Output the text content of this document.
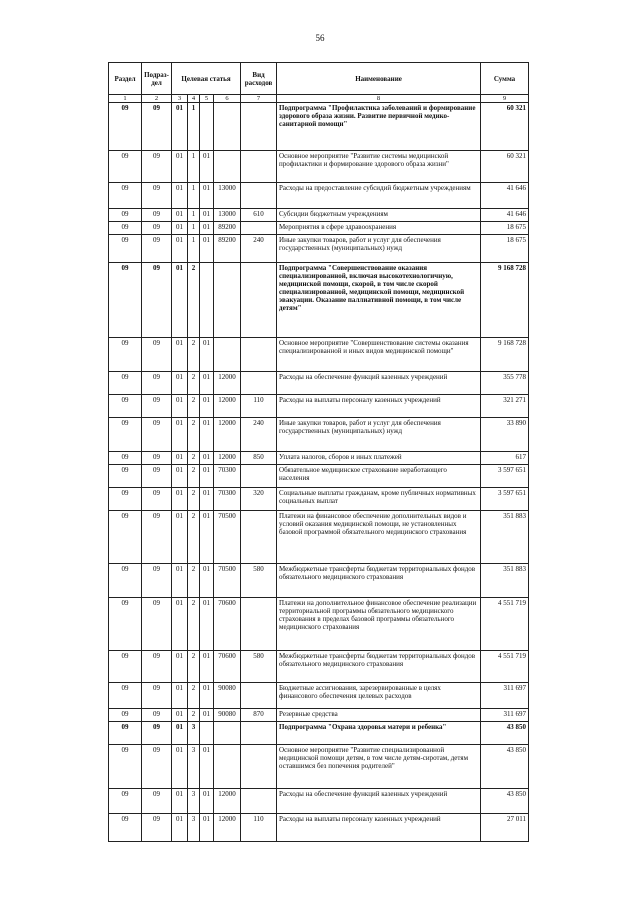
56
Раздел	Подраз-дел	Целевая статья				Вид расходов	Наименование	Сумма
1	2	3	4	5	6	7	8	9
09	09	01	1				Подпрограмма "Профилактика заболеваний и формирование здорового образа жизни. Развитие первичной медико-санитарной помощи"	60 321
09	09	01	1	01			Основное мероприятие "Развитие системы медицинской профилактики и формирование здорового образа жизни"	60 321
09	09	01	1	01	13000		Расходы на предоставление субсидий бюджетным учреждениям	41 646
09	09	01	1	01	13000	610	Субсидии бюджетным учреждениям	41 646
09	09	01	1	01	89200		Мероприятия в сфере здравоохранения	18 675
09	09	01	1	01	89200	240	Иные закупки товаров, работ и услуг для обеспечения государственных (муниципальных) нужд	18 675
09	09	01	2				Подпрограмма "Совершенствование оказания специализированной, включая высокотехнологичную, медицинской помощи, скорой, в том числе скорой специализированной, медицинской помощи, медицинской эвакуации. Оказание паллиативной помощи, в том числе детям"	9 168 728
09	09	01	2	01			Основное мероприятие "Совершенствование системы оказания специализированной и иных видов медицинской помощи"	9 168 728
09	09	01	2	01	12000		Расходы на обеспечение функций казенных учреждений	355 778
09	09	01	2	01	12000	110	Расходы на выплаты персоналу казенных учреждений	321 271
09	09	01	2	01	12000	240	Иные закупки товаров, работ и услуг для обеспечения государственных (муниципальных) нужд	33 890
09	09	01	2	01	12000	850	Уплата налогов, сборов и иных платежей	617
09	09	01	2	01	70300		Обязательное медицинское страхование неработающего населения	3 597 651
09	09	01	2	01	70300	320	Социальные выплаты гражданам, кроме публичных нормативных социальных выплат	3 597 651
09	09	01	2	01	70500		Платежи на финансовое обеспечение дополнительных видов и условий оказания медицинской помощи, не установленных базовой программой обязательного медицинского страхования	351 883
09	09	01	2	01	70500	580	Межбюджетные трансферты бюджетам территориальных фондов обязательного медицинского страхования	351 883
09	09	01	2	01	70600		Платежи на дополнительное финансовое обеспечение реализации территориальной программы обязательного медицинского страхования в пределах базовой программы обязательного медицинского страхования	4 551 719
09	09	01	2	01	70600	580	Межбюджетные трансферты бюджетам территориальных фондов обязательного медицинского страхования	4 551 719
09	09	01	2	01	90080		Бюджетные ассигнования, зарезервированные в целях финансового обеспечения целевых расходов	311 697
09	09	01	2	01	90080	870	Резервные средства	311 697
09	09	01	3				Подпрограмма "Охрана здоровья матери и ребенка"	43 850
09	09	01	3	01			Основное мероприятие "Развитие специализированной медицинской помощи детям, в том числе детям-сиротам, детям оставшимся без попечения родителей"	43 850
09	09	01	3	01	12000		Расходы на обеспечение функций казенных учреждений	43 850
09	09	01	3	01	12000	110	Расходы на выплаты персоналу казенных учреждений	27 011
